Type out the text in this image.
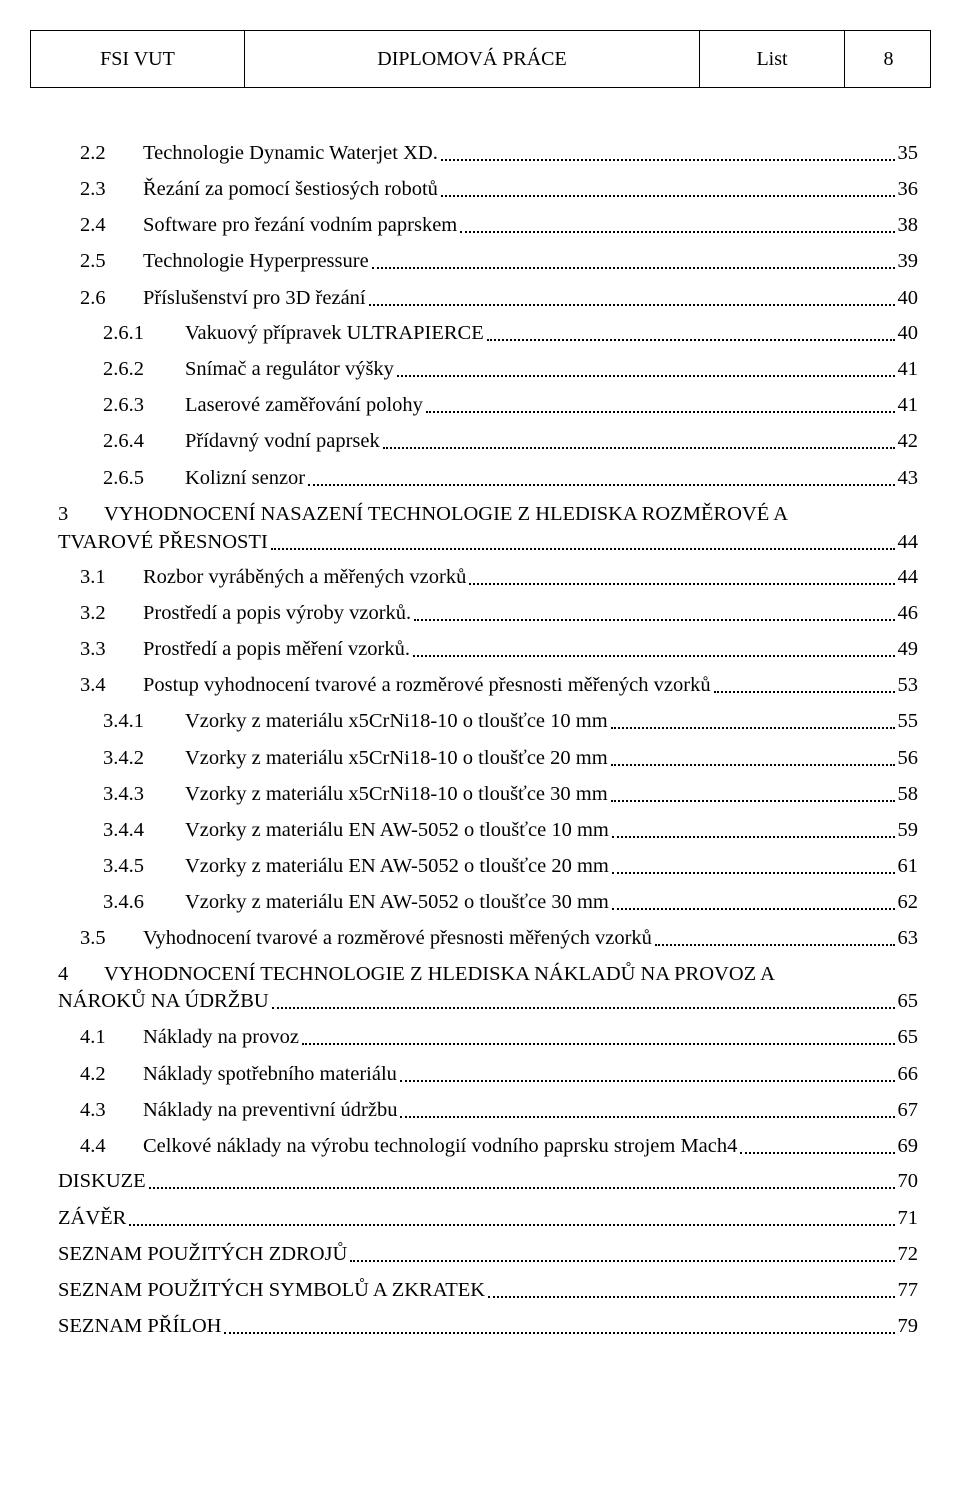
FSI VUT	DIPLOMOVÁ PRÁCE	List	8
2.2	Technologie Dynamic Waterjet XD.	35
2.3	Řezání za pomocí šestiosých robotů	36
2.4	Software pro řezání vodním paprskem	38
2.5	Technologie Hyperpressure	39
2.6	Příslušenství pro 3D řezání	40
2.6.1	Vakuový přípravek ULTRAPIERCE	40
2.6.2	Snímač a regulátor výšky	41
2.6.3	Laserové zaměřování polohy	41
2.6.4	Přídavný vodní paprsek	42
2.6.5	Kolizní senzor	43
3 VYHODNOCENÍ NASAZENÍ TECHNOLOGIE Z HLEDISKA ROZMĚROVÉ A
TVAROVÉ PŘESNOSTI	44
3.1	Rozbor vyráběných a měřených vzorků	44
3.2	Prostředí a popis výroby vzorků.	46
3.3	Prostředí a popis měření vzorků.	49
3.4	Postup vyhodnocení tvarové a rozměrové přesnosti měřených vzorků	53
3.4.1	Vzorky z materiálu x5CrNi18-10 o tloušťce 10 mm	55
3.4.2	Vzorky z materiálu x5CrNi18-10 o tloušťce 20 mm	56
3.4.3	Vzorky z materiálu x5CrNi18-10 o tloušťce 30 mm	58
3.4.4	Vzorky z materiálu EN AW-5052 o tloušťce 10 mm	59
3.4.5	Vzorky z materiálu EN AW-5052 o tloušťce 20 mm	61
3.4.6	Vzorky z materiálu EN AW-5052 o tloušťce 30 mm	62
3.5	Vyhodnocení tvarové a rozměrové přesnosti měřených vzorků	63
4 VYHODNOCENÍ TECHNOLOGIE Z HLEDISKA NÁKLADŮ NA PROVOZ A
NÁROKŮ NA ÚDRŽBU	65
4.1	Náklady na provoz	65
4.2	Náklady spotřebního materiálu	66
4.3	Náklady na preventivní údržbu	67
4.4	Celkové náklady na výrobu technologií vodního paprsku strojem Mach4	69
DISKUZE	70
ZÁVĚR	71
SEZNAM POUŽITÝCH ZDROJŮ	72
SEZNAM POUŽITÝCH SYMBOLŮ A ZKRATEK	77
SEZNAM PŘÍLOH	79
